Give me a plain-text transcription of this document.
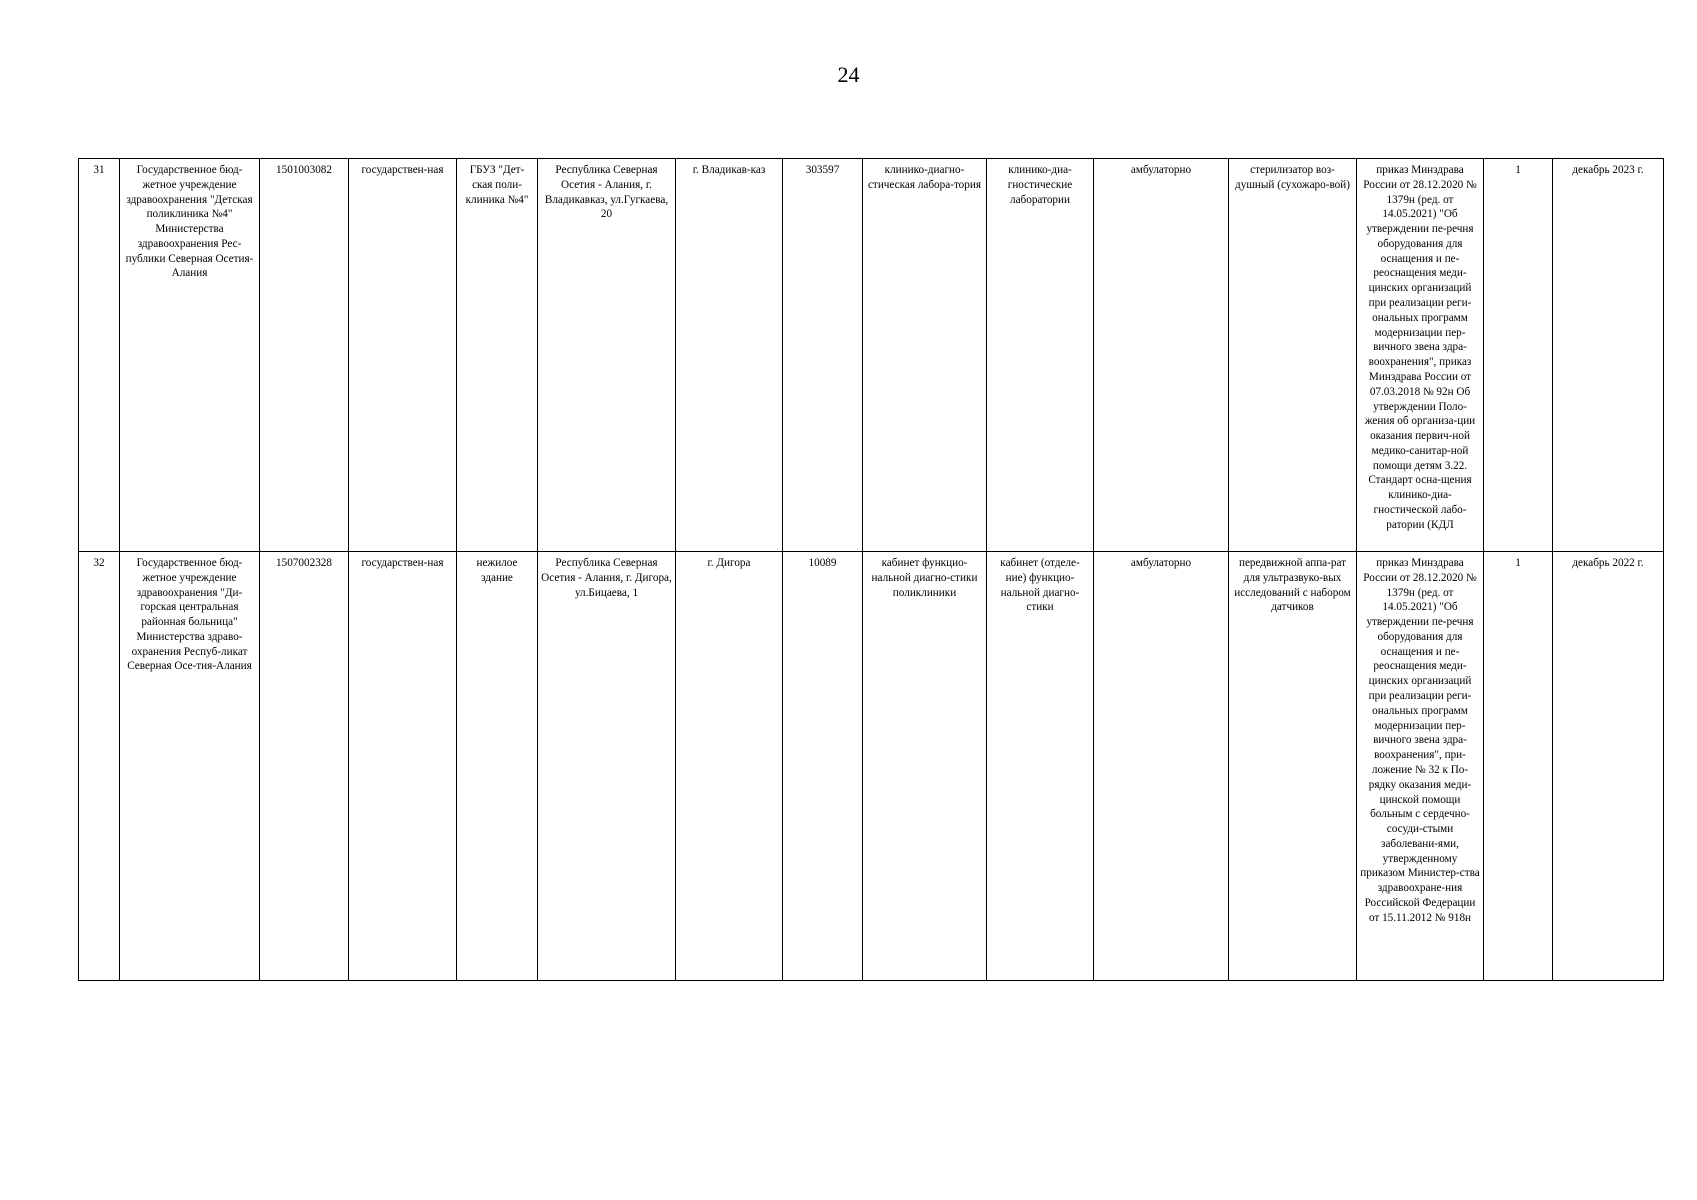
24
31	Государственное бюд-жетное учреждение здравоохранения "Детская поликлиника №4" Министерства здравоохранения Рес-публики Северная Осетия-Алания	1501003082	государствен-ная	ГБУЗ "Дет-ская поли-клиника №4"	Республика Северная Осетия - Алания, г. Владикавказ, ул.Гугкаева, 20	г. Владикав-каз	303597	клинико-диагно-стическая лабора-тория	клинико-диа-гностические лаборатории	амбулаторно	стерилизатор воз-душный (сухожаро-вой)	приказ Минздрава России от 28.12.2020 № 1379н (ред. от 14.05.2021) "Об утверждении пе-речня оборудования для оснащения и пе-реоснащения меди-цинских организаций при реализации реги-ональных программ модернизации пер-вичного звена здра-воохранения", приказ Минздрава России от 07.03.2018 № 92н Об утверждении Поло-жения об организа-ции оказания первич-ной медико-санитар-ной помощи детям 3.22. Стандарт осна-щения клинико-диа-гностической лабо-ратории (КДЛ	1	декабрь 2023 г.
32	Государственное бюд-жетное учреждение здравоохранения "Ди-горская центральная районная больница" Министерства здраво-охранения Респуб-ликат Северная Осе-тия-Алания	1507002328	государствен-ная	нежилое здание	Республика Северная Осетия - Алания, г. Дигора, ул.Бицаева, 1	г. Дигора	10089	кабинет функцио-нальной диагно-стики поликлиники	кабинет (отделе-ние) функцио-нальной диагно-стики	амбулаторно	передвижной аппа-рат для ультразвуко-вых исследований с набором датчиков	приказ Минздрава России от 28.12.2020 № 1379н (ред. от 14.05.2021) "Об утверждении пе-речня оборудования для оснащения и пе-реоснащения меди-цинских организаций при реализации реги-ональных программ модернизации пер-вичного звена здра-воохранения", при-ложение № 32 к По-рядку оказания меди-цинской помощи больным с сердечно-сосуди-стыми заболевани-ями, утвержденному приказом Министер-ства здравоохране-ния Российской Федерации от 15.11.2012 № 918н	1	декабрь 2022 г.
